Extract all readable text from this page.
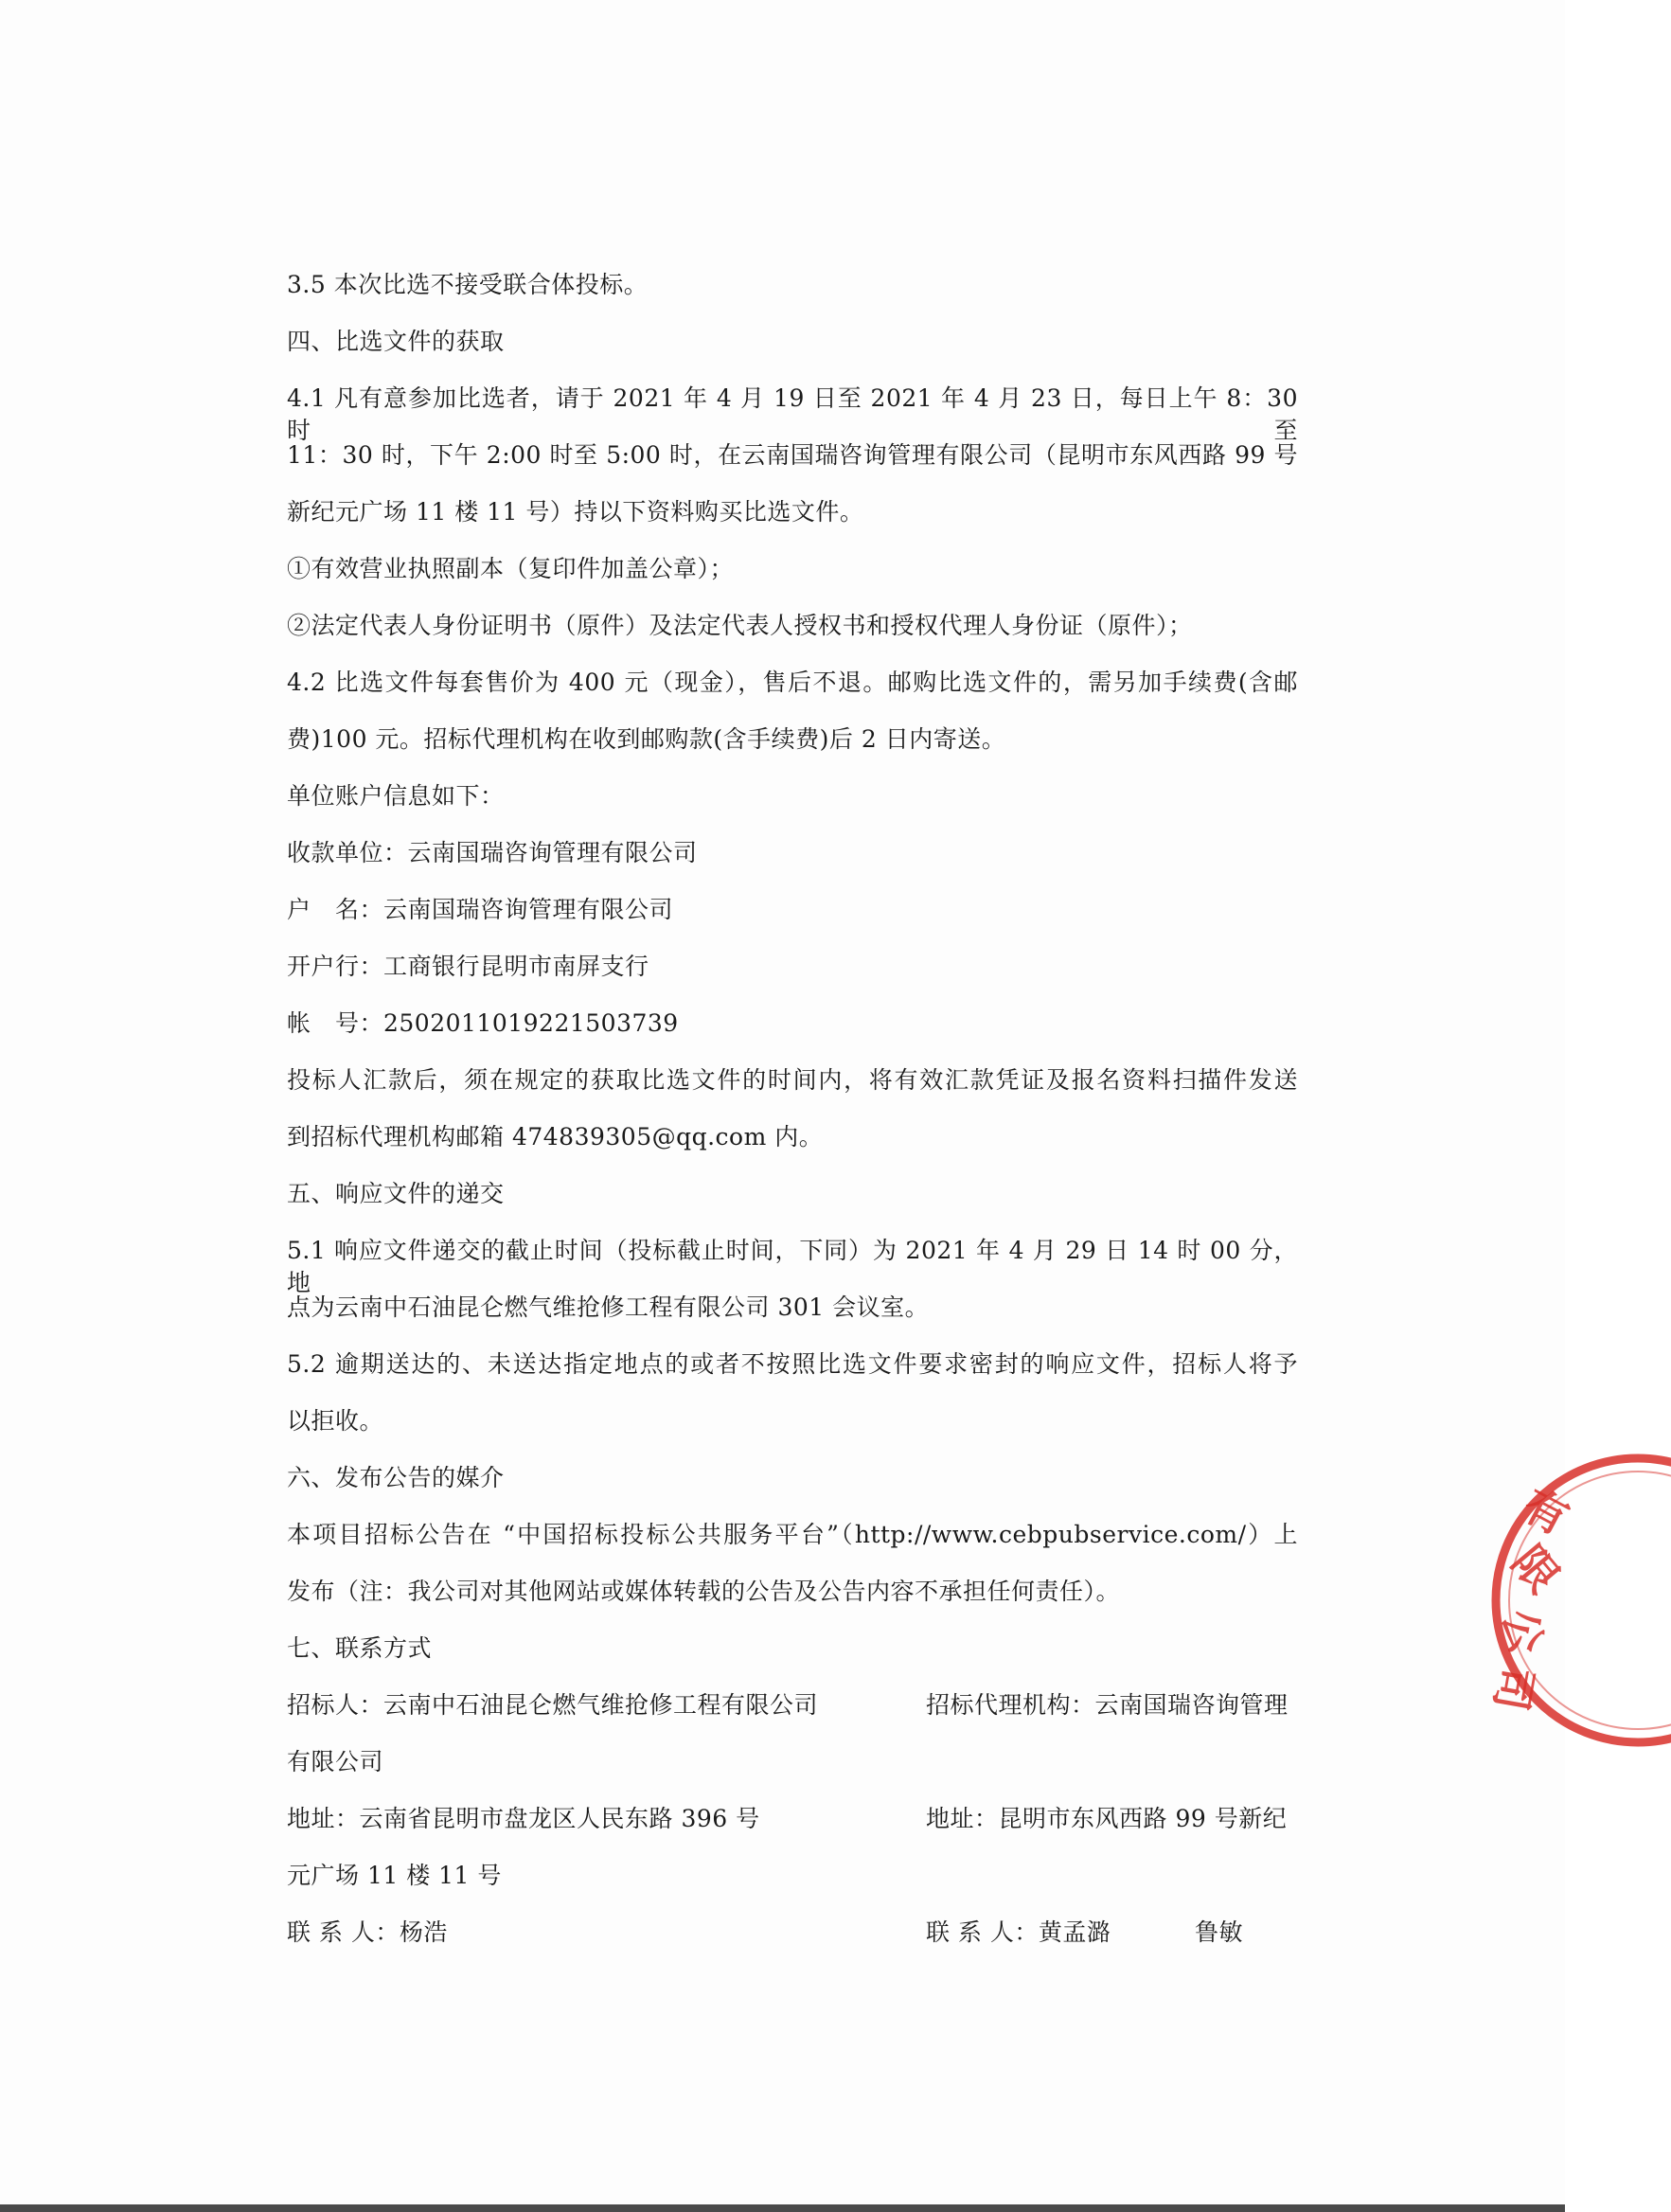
3.5 本次比选不接受联合体投标。
四、比选文件的获取
4.1 凡有意参加比选者，请于 2021 年 4 月 19 日至 2021 年 4 月 23 日，每日上午 8：30 时至
11：30 时，下午 2:00 时至 5:00 时，在云南国瑞咨询管理有限公司（昆明市东风西路 99 号
新纪元广场 11 楼 11 号）持以下资料购买比选文件。
①有效营业执照副本（复印件加盖公章）；
②法定代表人身份证明书（原件）及法定代表人授权书和授权代理人身份证（原件）；
4.2 比选文件每套售价为 400 元（现金），售后不退。邮购比选文件的，需另加手续费(含邮
费)100 元。招标代理机构在收到邮购款(含手续费)后 2 日内寄送。
单位账户信息如下：
收款单位：云南国瑞咨询管理有限公司
户　名：云南国瑞咨询管理有限公司
开户行：工商银行昆明市南屏支行
帐　号：2502011019221503739
投标人汇款后，须在规定的获取比选文件的时间内，将有效汇款凭证及报名资料扫描件发送
到招标代理机构邮箱 474839305@qq.com 内。
五、响应文件的递交
5.1 响应文件递交的截止时间（投标截止时间，下同）为 2021 年 4 月 29 日 14 时 00 分，地
点为云南中石油昆仑燃气维抢修工程有限公司 301 会议室。
5.2 逾期送达的、未送达指定地点的或者不按照比选文件要求密封的响应文件，招标人将予
以拒收。
六、发布公告的媒介
本项目招标公告在 “中国招标投标公共服务平台”（http://www.cebpubservice.com/）上
发布（注：我公司对其他网站或媒体转载的公告及公告内容不承担任何责任）。
七、联系方式
招标人：云南中石油昆仑燃气维抢修工程有限公司	招标代理机构：云南国瑞咨询管理
有限公司
地址：云南省昆明市盘龙区人民东路 396 号	地址：昆明市东风西路 99 号新纪
元广场 11 楼 11 号
联 系 人：杨浩	联 系 人：黄孟潞	鲁敏
有
限
公
司
